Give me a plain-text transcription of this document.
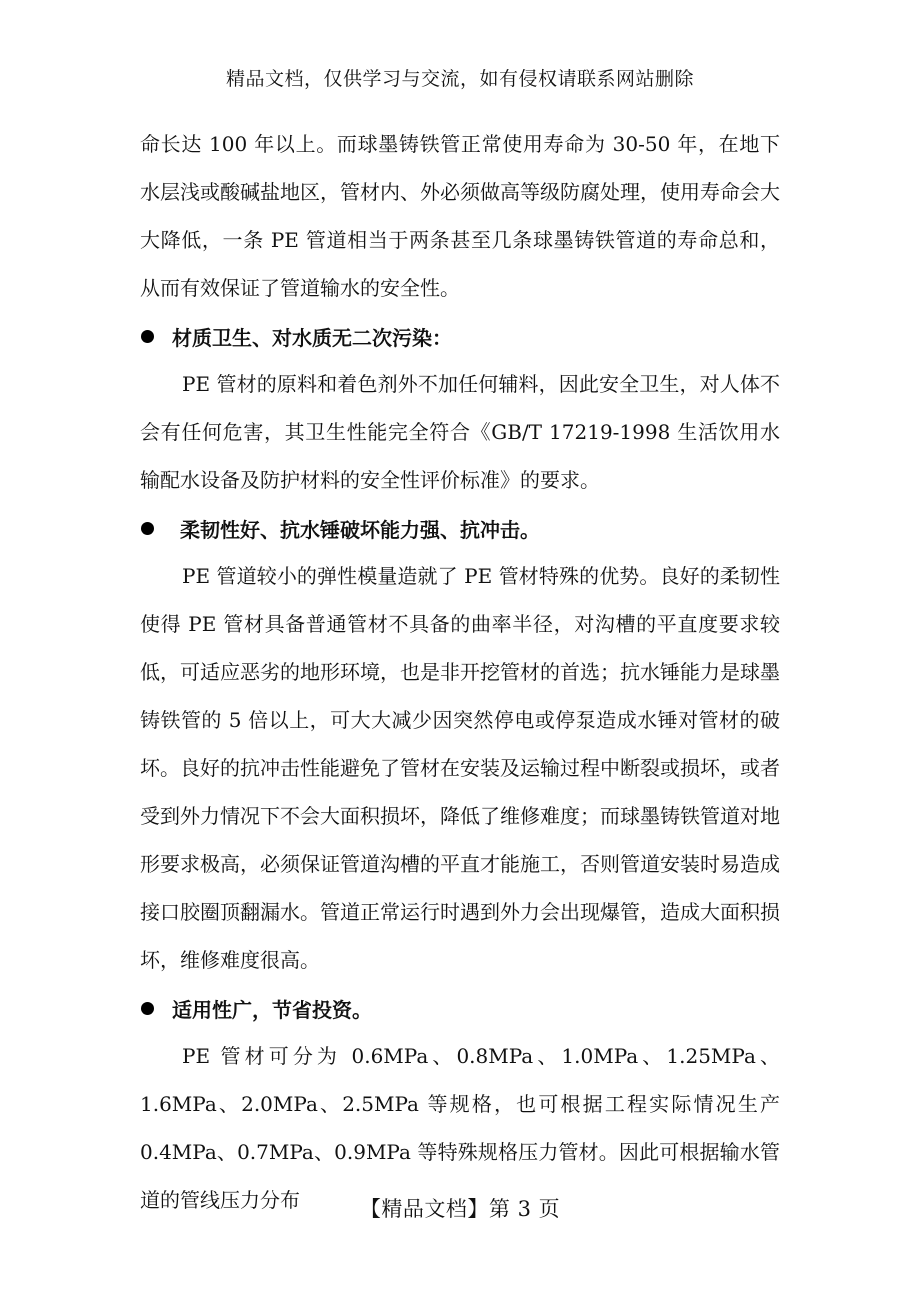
精品文档，仅供学习与交流，如有侵权请联系网站删除

命长达 100 年以上。而球墨铸铁管正常使用寿命为 30-50 年，在地下水层浅或酸碱盐地区，管材内、外必须做高等级防腐处理，使用寿命会大大降低，一条 PE 管道相当于两条甚至几条球墨铸铁管道的寿命总和，从而有效保证了管道输水的安全性。

材质卫生、对水质无二次污染：

PE 管材的原料和着色剂外不加任何辅料，因此安全卫生，对人体不会有任何危害，其卫生性能完全符合《GB/T 17219-1998 生活饮用水输配水设备及防护材料的安全性评价标准》的要求。

柔韧性好、抗水锤破坏能力强、抗冲击。

PE 管道较小的弹性模量造就了 PE 管材特殊的优势。良好的柔韧性使得 PE 管材具备普通管材不具备的曲率半径，对沟槽的平直度要求较低，可适应恶劣的地形环境，也是非开挖管材的首选；抗水锤能力是球墨铸铁管的 5 倍以上，可大大减少因突然停电或停泵造成水锤对管材的破坏。良好的抗冲击性能避免了管材在安装及运输过程中断裂或损坏，或者受到外力情况下不会大面积损坏，降低了维修难度；而球墨铸铁管道对地形要求极高，必须保证管道沟槽的平直才能施工，否则管道安装时易造成接口胶圈顶翻漏水。管道正常运行时遇到外力会出现爆管，造成大面积损坏，维修难度很高。

适用性广，节省投资。

PE 管材可分为 0.6MPa、0.8MPa、1.0MPa、1.25MPa、1.6MPa、2.0MPa、2.5MPa 等规格，也可根据工程实际情况生产 0.4MPa、0.7MPa、0.9MPa 等特殊规格压力管材。因此可根据输水管道的管线压力分布	【精品文档】第 3 页
